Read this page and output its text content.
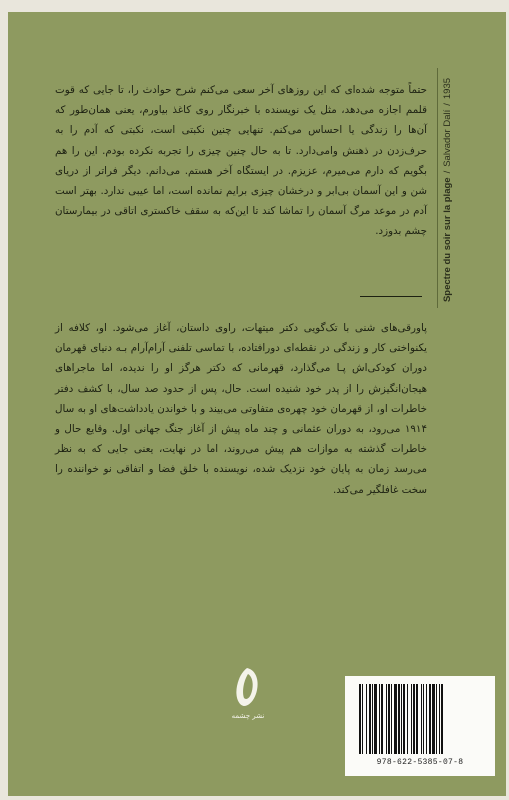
Spectre du soir sur la plage
/
Salvador Dalí
/
1935

حتماً متوجه شده‌ای که این روزهای آخر سعی می‌کنم شرح حوادث را، تا جایی که قوت قلمم اجازه می‌دهد، مثل یک نویسنده با خبرنگار روی کاغذ بیاورم، یعنی همان‌طور که آن‌ها را زندگی یا احساس می‌کنم. تنهایی چنین نکبتی است، نکبتی که آدم را به حرف‌زدن در ذهنش وامی‌دارد. تا به حال چنین چیزی را تجربه نکرده بودم. این را هم بگویم که دارم می‌میرم، عزیزم. در ایستگاه آخر هستم. می‌دانم. دیگر فراتر از دریای شن و این آسمان بی‌ابر و درخشان چیزی برایم نمانده است، اما عیبی ندارد. بهتر است آدم در موعد مرگ آسمان را تماشا کند تا این‌که به سقف خاکستری اتاقی در بیمارستان چشم بدوزد.

پاورقی‌های شنی با تک‌گویی دکتر میتهات، راوی داستان، آغاز می‌شود. او، کلافه از یکنواختی کار و زندگی در نقطه‌ای دورافتاده، با تماسی تلفنی آرام‌آرام بـه دنیای قهرمان دوران کودکی‌اش پـا می‌گذارد، قهرمانی که دکتر هرگز او را ندیده، اما ماجراهای هیجان‌انگیزش را از پدر خود شنیده است. حال، پس از حدود صد سال، با کشف دفتر خاطرات او، از قهرمان خود چهره‌ی متفاوتی می‌بیند و با خواندن یادداشت‌های او به سال ۱۹۱۴ می‌رود، به دوران عثمانی و چند ماه پیش از آغاز جنگ جهانی اول. وقایع حال و خاطرات گذشته به موازات هم پیش می‌روند، اما در نهایت، یعنی جایی که به نظر می‌رسد زمان به پایان خود نزدیک شده، نویسنده با خلق فضا و اتفاقی نو خواننده را سخت غافلگیر می‌کند.

نشر چشمه
978-622-5385-07-8
